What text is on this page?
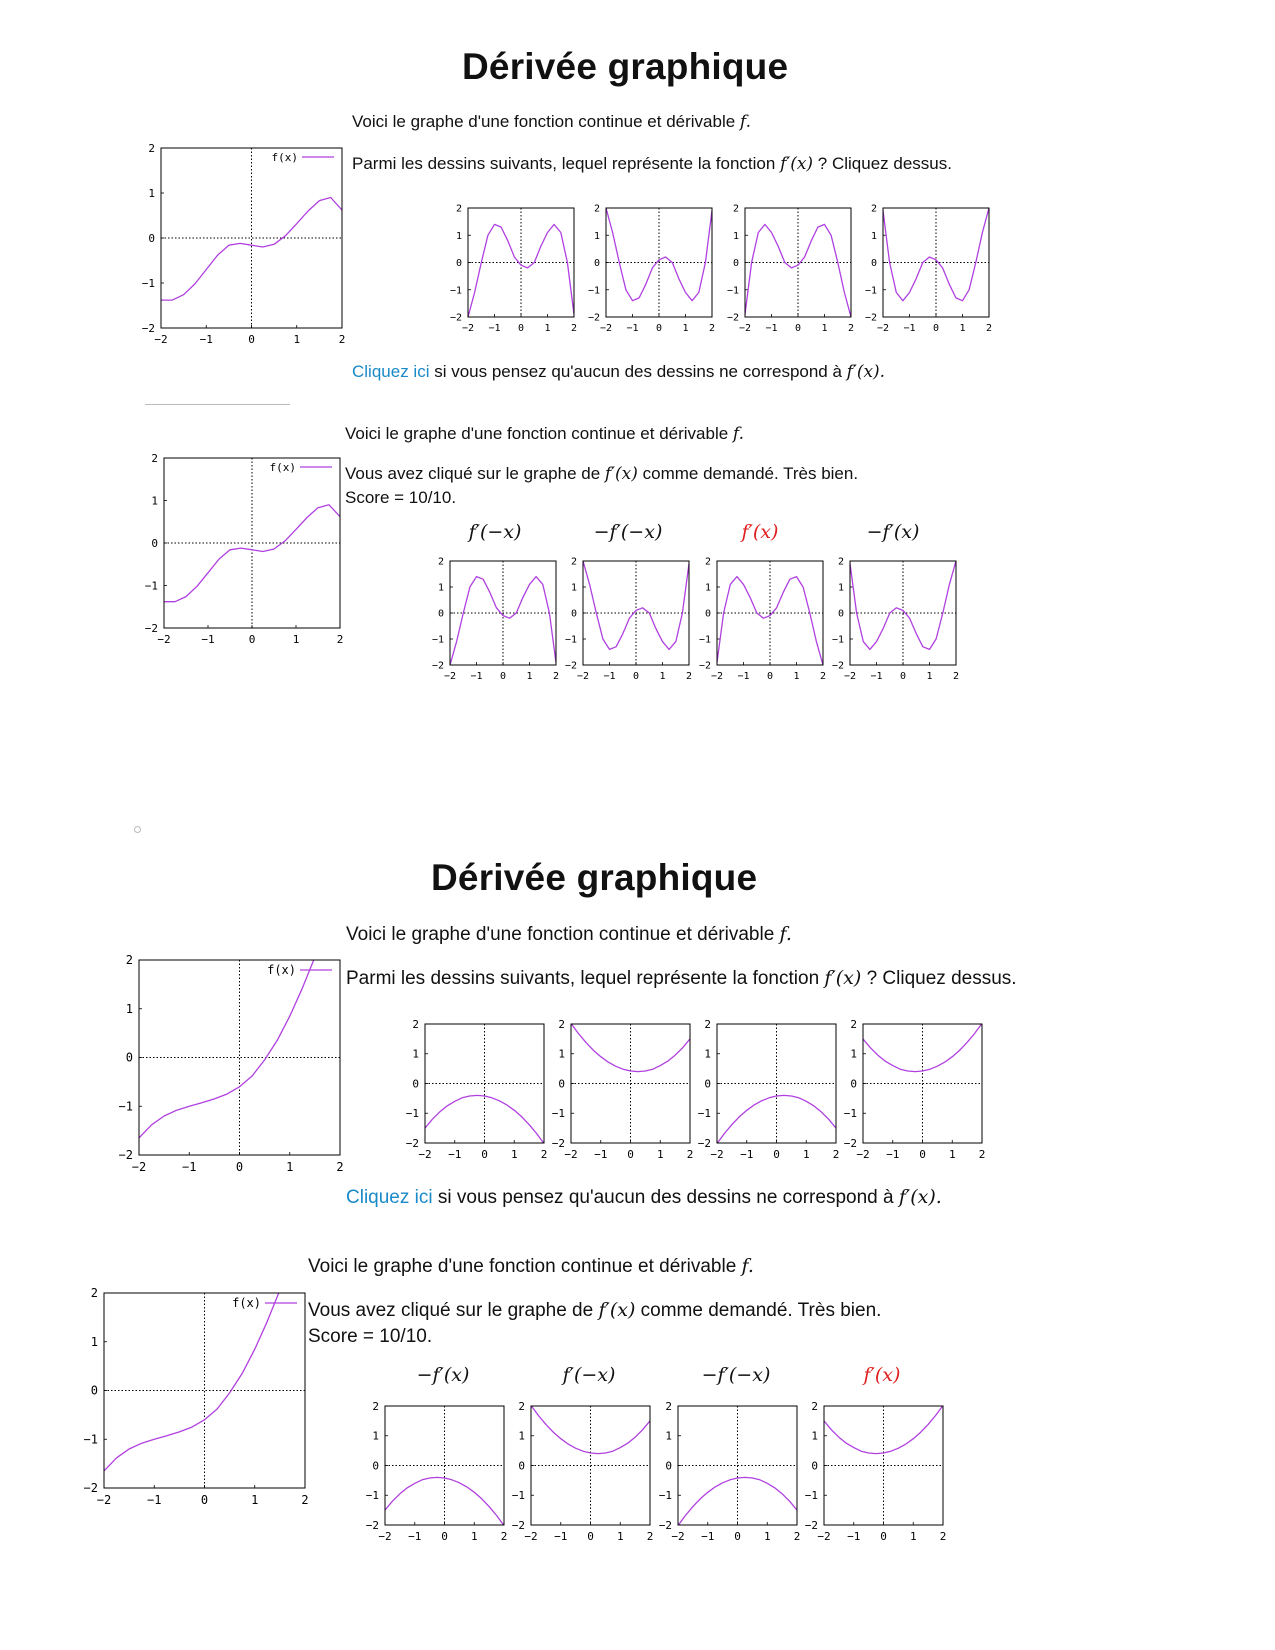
Dérivée graphique
Voici le graphe d'une fonction continue et dérivable f.
−2
−2
−1
−1
0
0
1
1
2
2
f(x)	Parmi les dessins suivants, lequel représente la fonction f′(x) ? Cliquez dessus.
−2
−2
−1
−1
0
0
1
1
2
2
−2
−2
−1
−1
0
0
1
1
2
2
−2
−2
−1
−1
0
0
1
1
2
2
−2
−2
−1
−1
0
0
1
1
2
2
Cliquez ici si vous pensez qu'aucun des dessins ne correspond à f′(x).
Voici le graphe d'une fonction continue et dérivable f.
−2
−2
−1
−1
0
0
1
1
2
2
f(x)	Vous avez cliqué sur le graphe de f′(x) comme demandé. Très bien.
Score = 10/10.
f′(−x)	−f′(−x)	f′(x)	−f′(x)
−2
−2
−1
−1
0
0
1
1
2
2
−2
−2
−1
−1
0
0
1
1
2
2
−2
−2
−1
−1
0
0
1
1
2
2
−2
−2
−1
−1
0
0
1
1
2
2
Dérivée graphique
Voici le graphe d'une fonction continue et dérivable f.
−2
−2
−1
−1
0
0
1
1
2
2
f(x)	Parmi les dessins suivants, lequel représente la fonction f′(x) ? Cliquez dessus.
−2
−2
−1
−1
0
0
1
1
2
2
−2
−2
−1
−1
0
0
1
1
2
2
−2
−2
−1
−1
0
0
1
1
2
2
−2
−2
−1
−1
0
0
1
1
2
2
Cliquez ici si vous pensez qu'aucun des dessins ne correspond à f′(x).
Voici le graphe d'une fonction continue et dérivable f.
−2
−2
−1
−1
0
0
1
1
2
2
f(x) Vous avez cliqué sur le graphe de f′(x) comme demandé. Très bien.
Score = 10/10.
−f′(x)	f′(−x)	−f′(−x)	f′(x)
−2
−2
−1
−1
0
0
1
1
2
2
−2
−2
−1
−1
0
0
1
1
2
2
−2
−2
−1
−1
0
0
1
1
2
2
−2
−2
−1
−1
0
0
1
1
2
2
